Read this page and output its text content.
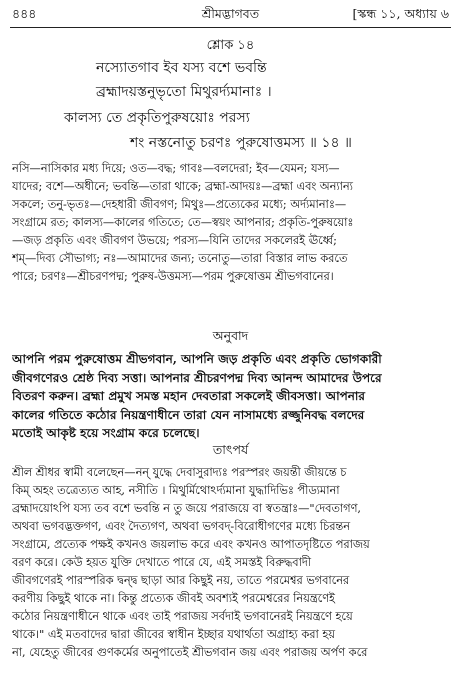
৪৪৪	শ্রীমদ্ভাগবত	[স্কন্ধ ১১, অধ্যায় ৬
শ্লোক ১৪
নস্যোতগাব ইব যস্য বশে ভবন্তি
ব্রহ্মাদয়স্তনুভৃতো মিথুরর্দ্যমানাঃ ।
কালস্য তে প্রকৃতিপুরুষয়োঃ পরস্য
শং নস্তনোতু চরণঃ পুরুষোত্তমস্য ॥ ১৪ ॥
নসি—নাসিকার মধ্য দিয়ে; ওত—বদ্ধ; গাবঃ—বলদেরা; ইব—যেমন; যস্য—
যাদের; বশে—অধীনে; ভবন্তি—তারা থাকে; ব্রহ্মা-আদয়ঃ—ব্রহ্মা এবং অন্যান্য
সকলে; তনু-ভৃতঃ—দেহধারী জীবগণ; মিথুঃ—প্রত্যেকের মধ্যে; অর্দ্যমানাঃ—
সংগ্রামে রত; কালস্য—কালের গতিতে; তে—স্বয়ং আপনার; প্রকৃতি-পুরুষয়োঃ
—জড় প্রকৃতি এবং জীবগণ উভয়ে; পরস্য—যিনি তাদের সকলেরই ঊর্ধ্বে;
শম্—দিব্য সৌভাগ্য; নঃ—আমাদের জন্য; তনোতু—তারা বিস্তার লাভ করতে
পারে; চরণঃ—শ্রীচরণপদ্ম; পুরুষ-উত্তমস্য—পরম পুরুষোত্তম শ্রীভগবানের।
অনুবাদ
আপনি পরম পুরুষোত্তম শ্রীভগবান, আপনি জড় প্রকৃতি এবং প্রকৃতি ভোগকারী
জীবগণেরও শ্রেষ্ঠ দিব্য সত্তা। আপনার শ্রীচরণপদ্ম দিব্য আনন্দ আমাদের উপরে
বিতরণ করুন। ব্রহ্মা প্রমুখ সমস্ত মহান দেবতারা সকলেই জীবসত্তা। আপনার
কালের গতিতে কঠোর নিয়ন্ত্রণাধীনে তারা যেন নাসামধ্যে রজ্জুনিবদ্ধ বলদের
মতোই আকৃষ্ট হয়ে সংগ্রাম করে চলেছে।
তাৎপর্য
শ্রীল শ্রীধর স্বামী বলেছেন—নন্‌ যুদ্ধে দেবাসুরাদ্যঃ পরস্পরং জয়ন্তী জীয়ন্তে চ
কিম্ অহং তত্রেত্যত আহ, নসীতি । মিথুর্মিথোঽর্দ্যমানা যুদ্ধাদিভিঃ পীড্যমানা
ব্রহ্মাদয়োঽপি যস্য তব বশে ভবন্তি ন তু জয়ে পরাজয়ে বা স্বতন্ত্রাঃ—"দেবতাগণ,
অথবা ভগবদ্ভক্তগণ, এবং দৈত্যগণ, অথবা ভগবদ্-বিরোধীগণের মধ্যে চিরন্তন
সংগ্রামে, প্রত্যেক পক্ষই কখনও জয়লাভ করে এবং কখনও আপাতদৃষ্টিতে পরাজয়
বরণ করে। কেউ হয়ত যুক্তি দেখাতে পারে যে, এই সমস্তই বিরুদ্ধবাদী
জীবগণেরই পারস্পরিক দ্বন্দ্ব ছাড়া আর কিছুই নয়, তাতে পরমেশ্বর ভগবানের
করণীয় কিছুই থাকে না। কিন্তু প্রত্যেক জীবই অবশ্যই পরমেশ্বরের নিয়ন্ত্রণেই
কঠোর নিয়ন্ত্রণাধীনে থাকে এবং তাই পরাজয় সর্বদাই ভগবানেরই নিয়ন্ত্রণে হয়ে
থাকে।" এই মতবাদের দ্বারা জীবের স্বাধীন ইচ্ছার যথার্থতা অগ্রাহ্য করা হয়
না, যেহেতু জীবের গুণকর্মের অনুপাতেই শ্রীভগবান জয় এবং পরাজয় অর্পণ করে
